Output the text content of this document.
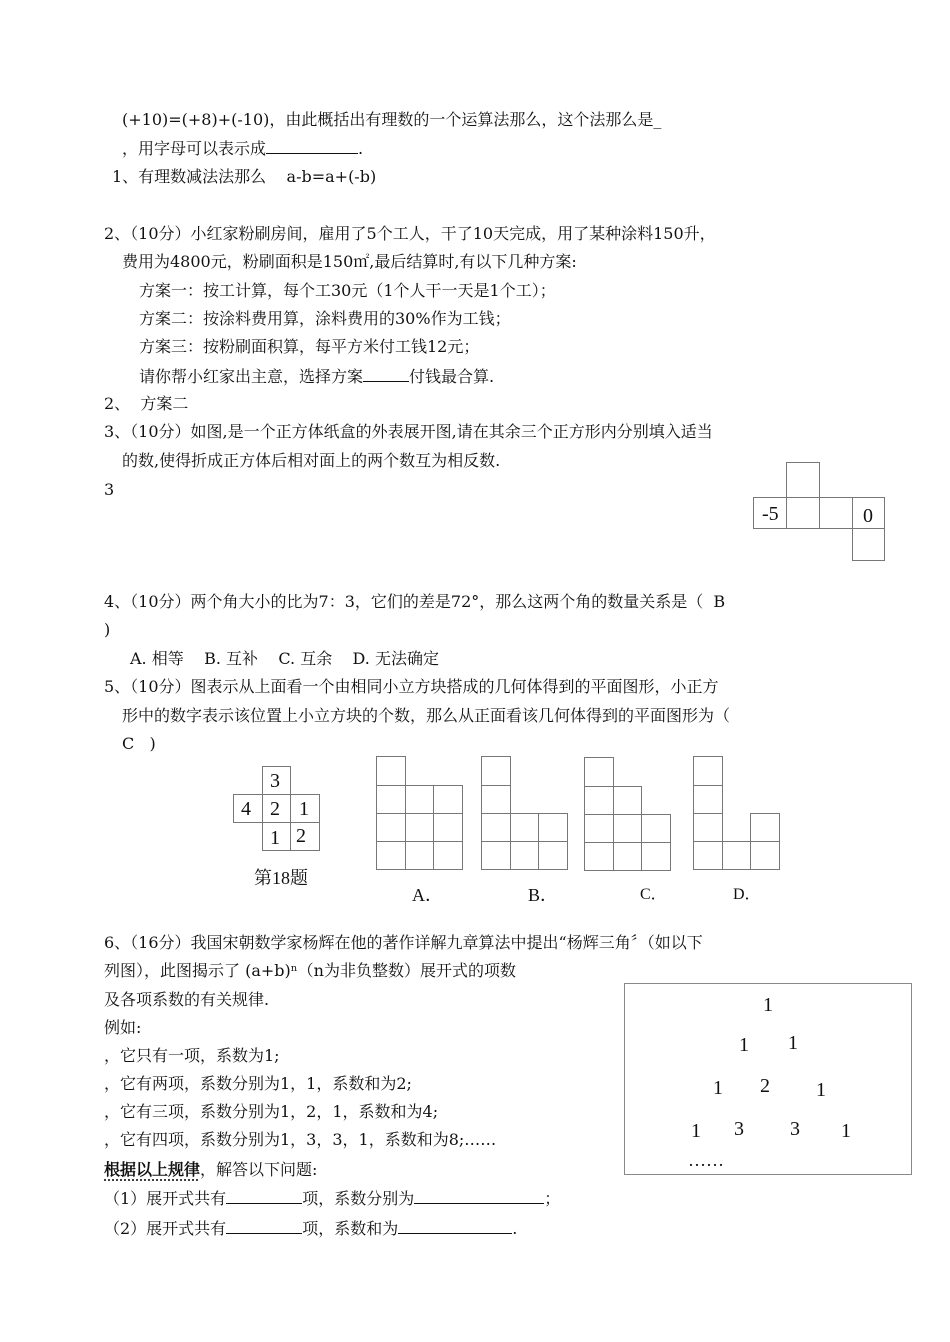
(+10)=(+8)+(-10)，由此概括出有理数的一个运算法那么，这个法那么是_
，用字母可以表示成	.
1、有理数减法法那么    a-b=a+(-b)
2、（10分）小红家粉刷房间，雇用了5个工人，干了10天完成，用了某种涂料150升，
费用为4800元，粉刷面积是150㎡,最后结算时,有以下几种方案:
方案一：按工计算，每个工30元（1个人干一天是1个工）；
方案二：按涂料费用算，涂料费用的30%作为工钱；
方案三：按粉刷面积算，每平方米付工钱12元；
请你帮小红家出主意，选择方案	付钱最合算.
2、  方案二
3、（10分）如图,是一个正方体纸盒的外表展开图,请在其余三个正方形内分别填入适当
的数,使得折成正方体后相对面上的两个数互为相反数.
3
-5	0
4、（10分）两个角大小的比为7：3，它们的差是72°，那么这两个角的数量关系是（  B
)
A. 相等    B. 互补    C. 互余    D. 无法确定
5、（10分）图表示从上面看一个由相同小立方块搭成的几何体得到的平面图形，小正方
形中的数字表示该位置上小立方块的个数，那么从正面看该几何体得到的平面图形为（
C   )
3
4 2 1
1 2
第18题
A．	B．	C．	D．
6、（16分）我国宋朝数学家杨辉在他的著作详解九章算法中提出“杨辉三角〞（如以下
列图），此图揭示了 (a+b)ⁿ（n为非负整数）展开式的项数
及各项系数的有关规律.
例如:
，它只有一项，系数为1;
，它有两项，系数分别为1，1，系数和为2;
，它有三项，系数分别为1，2，1，系数和为4;
，它有四项，系数分别为1，3，3，1，系数和为8;……
根据以上规律，解答以下问题:
（1）展开式共有	项，系数分别为	；
（2）展开式共有	项，系数和为	.
1
1 1
1 2 1
1 3 3 1
……
